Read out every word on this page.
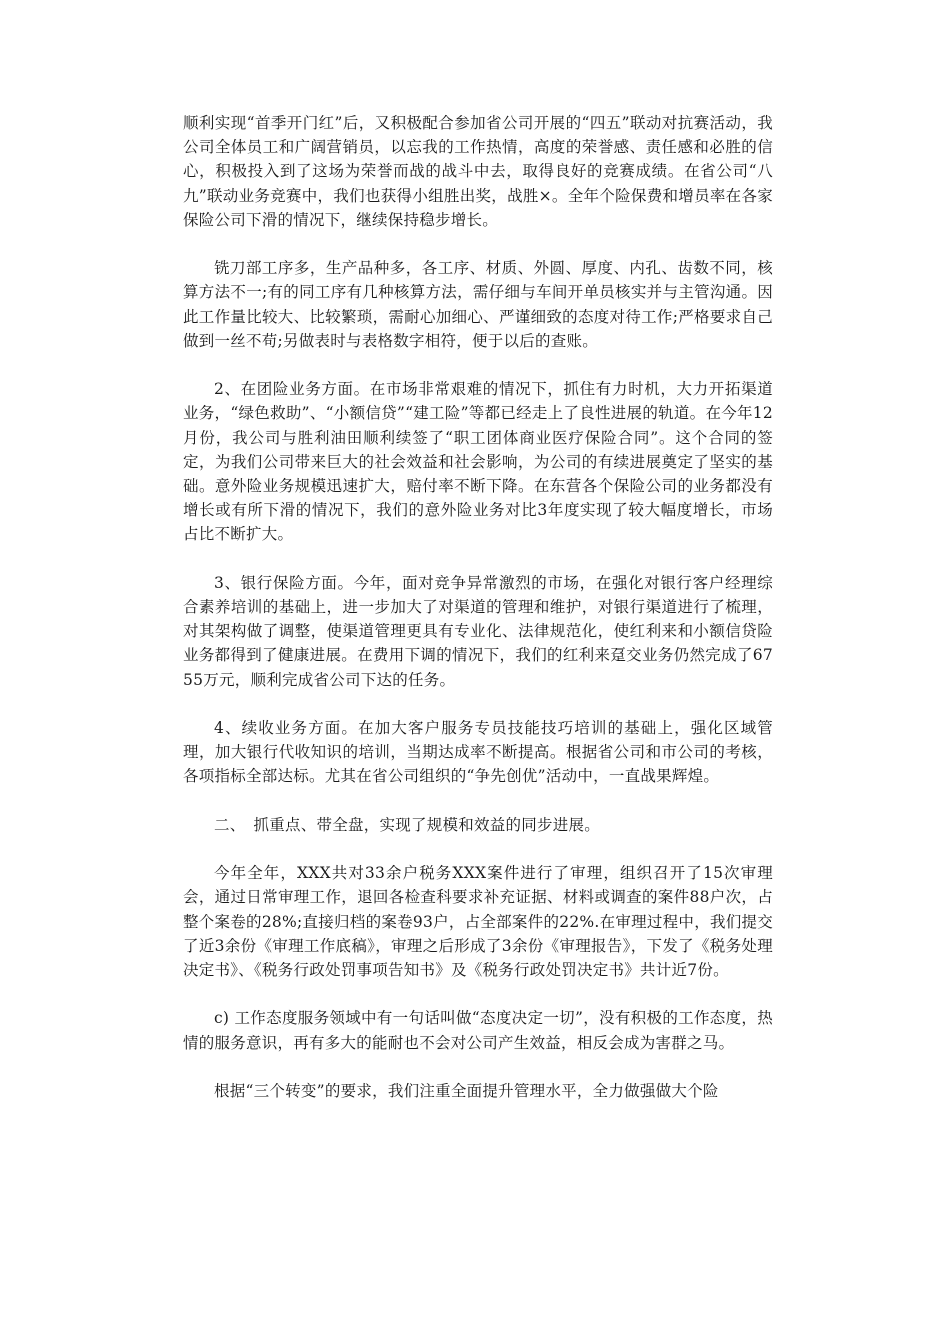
顺利实现“首季开门红”后，又积极配合参加省公司开展的“四五”联动对抗赛活动，我公司全体员工和广阔营销员，以忘我的工作热情，高度的荣誉感、责任感和必胜的信心，积极投入到了这场为荣誉而战的战斗中去，取得良好的竞赛成绩。在省公司“八九”联动业务竞赛中，我们也获得小组胜出奖，战胜×。全年个险保费和增员率在各家保险公司下滑的情况下，继续保持稳步增长。

铣刀部工序多，生产品种多，各工序、材质、外圆、厚度、内孔、齿数不同，核算方法不一;有的同工序有几种核算方法，需仔细与车间开单员核实并与主管沟通。因此工作量比较大、比较繁琐，需耐心加细心、严谨细致的态度对待工作;严格要求自己做到一丝不苟;另做表时与表格数字相符，便于以后的查账。

2、在团险业务方面。在市场非常艰难的情况下，抓住有力时机，大力开拓渠道业务，“绿色救助”、“小额信贷”“建工险”等都已经走上了良性进展的轨道。在今年12月份，我公司与胜利油田顺利续签了“职工团体商业医疗保险合同”。这个合同的签定，为我们公司带来巨大的社会效益和社会影响，为公司的有续进展奠定了坚实的基础。意外险业务规模迅速扩大，赔付率不断下降。在东营各个保险公司的业务都没有增长或有所下滑的情况下，我们的意外险业务对比3年度实现了较大幅度增长，市场占比不断扩大。

3、银行保险方面。今年，面对竞争异常激烈的市场，在强化对银行客户经理综合素养培训的基础上，进一步加大了对渠道的管理和维护，对银行渠道进行了梳理，对其架构做了调整，使渠道管理更具有专业化、法律规范化，使红利来和小额信贷险业务都得到了健康进展。在费用下调的情况下，我们的红利来趸交业务仍然完成了6755万元，顺利完成省公司下达的任务。

4、续收业务方面。在加大客户服务专员技能技巧培训的基础上，强化区域管理，加大银行代收知识的培训，当期达成率不断提高。根据省公司和市公司的考核，各项指标全部达标。尤其在省公司组织的“争先创优”活动中，一直战果辉煌。

二、　抓重点、带全盘，实现了规模和效益的同步进展。

今年全年，XXX共对33余户税务XXX案件进行了审理，组织召开了15次审理会，通过日常审理工作，退回各检查科要求补充证据、材料或调查的案件88户次，占整个案卷的28%;直接归档的案卷93户，占全部案件的22%.在审理过程中，我们提交了近3余份《审理工作底稿》，审理之后形成了3余份《审理报告》，下发了《税务处理决定书》、《税务行政处罚事项告知书》及《税务行政处罚决定书》共计近7份。

c) 工作态度服务领域中有一句话叫做“态度决定一切”，没有积极的工作态度，热情的服务意识，再有多大的能耐也不会对公司产生效益，相反会成为害群之马。

根据“三个转变”的要求，我们注重全面提升管理水平，全力做强做大个险
